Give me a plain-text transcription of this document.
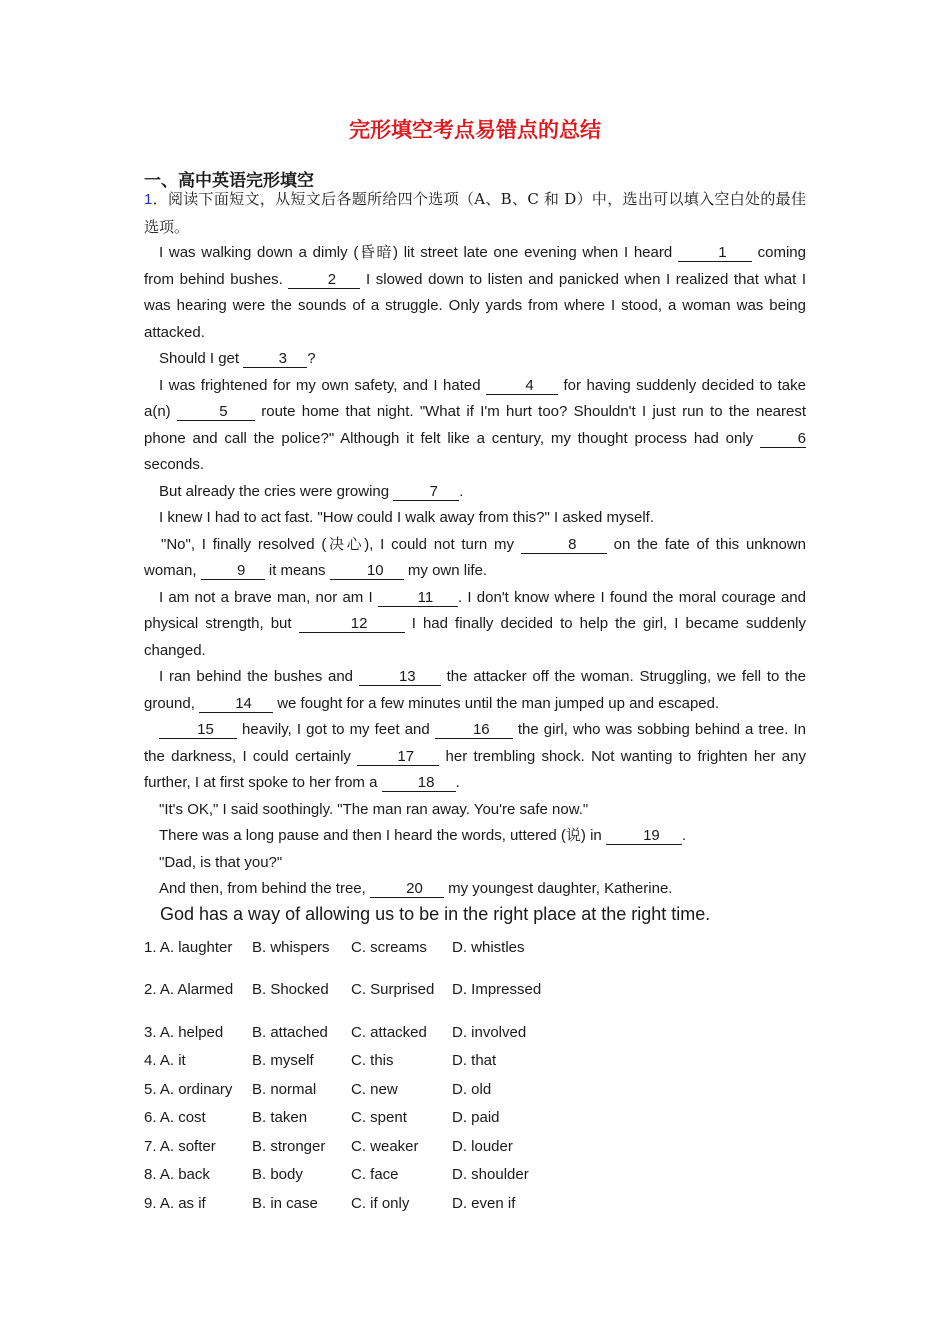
完形填空考点易错点的总结
一、高中英语完形填空
1．阅读下面短文，从短文后各题所给四个选项（A、B、C 和 D）中，选出可以填入空白处的最佳选项。

I was walking down a dimly (昏暗) lit street late one evening when I heard	1 coming from behind bushes.	2 I slowed down to listen and panicked when I realized that what I was hearing were the sounds of a struggle. Only yards from where I stood, a woman was being attacked.

Should I get 3 ?

I was frightened for my own safety, and I hated	4 for having suddenly decided to take a(n)	5 route home that night. "What if I'm hurt too? Shouldn't I just run to the nearest phone and call the police?" Although it felt like a century, my thought process had only	6 seconds.

But already the cries were growing 7 .

I knew I had to act fast. "How could I walk away from this?" I asked myself.

"No", I finally resolved (决心), I could not turn my	8 on the fate of this unknown woman, 9 it means 10 my own life.

I am not a brave man, nor am I	11 . I don't know where I found the moral courage and physical strength, but	12 I had finally decided to help the girl, I became suddenly changed.

I ran behind the bushes and	13 the attacker off the woman. Struggling, we fell to the ground, 14 we fought for a few minutes until the man jumped up and escaped.

15 heavily, I got to my feet and	16 the girl, who was sobbing behind a tree. In the darkness, I could certainly	17 her trembling shock. Not wanting to frighten her any further, I at first spoke to her from a 18 .

"It's OK," I said soothingly. "The man ran away. You're safe now."

There was a long pause and then I heard the words, uttered (说) in 19 .

"Dad, is that you?"

And then, from behind the tree, 20 my youngest daughter, Katherine.

God has a way of allowing us to be in the right place at the right time.
1. A. laughter	B. whispers	C. screams	D. whistles
2. A. Alarmed	B. Shocked	C. Surprised	D. Impressed
3. A. helped	B. attached	C. attacked	D. involved
4. A. it	B. myself	C. this	D. that
5. A. ordinary	B. normal	C. new	D. old
6. A. cost	B. taken	C. spent	D. paid
7. A. softer	B. stronger	C. weaker	D. louder
8. A. back	B. body	C. face	D. shoulder
9. A. as if	B. in case	C. if only	D. even if
